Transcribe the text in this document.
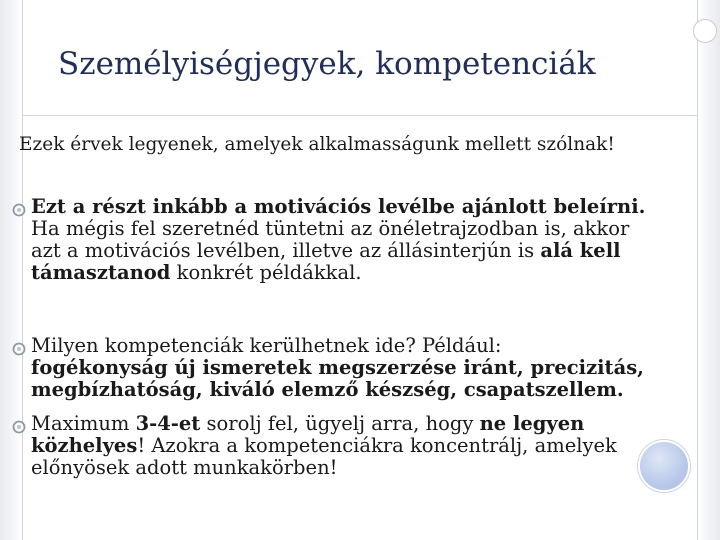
Személyiségjegyek, kompetenciák
Ezek érvek legyenek, amelyek alkalmasságunk mellett szólnak!
Ezt a részt inkább a motivációs levélbe ajánlott beleírni.
Ha mégis fel szeretnéd tüntetni az önéletrajzodban is, akkor
azt a motivációs levélben, illetve az állásinterjún is alá kell
támasztanod konkrét példákkal.
Milyen kompetenciák kerülhetnek ide? Például:
fogékonyság új ismeretek megszerzése iránt, precizitás,
megbízhatóság, kiváló elemző készség, csapatszellem.
Maximum 3-4-et sorolj fel, ügyelj arra, hogy ne legyen
közhelyes! Azokra a kompetenciákra koncentrálj, amelyek
előnyösek adott munkakörben!
